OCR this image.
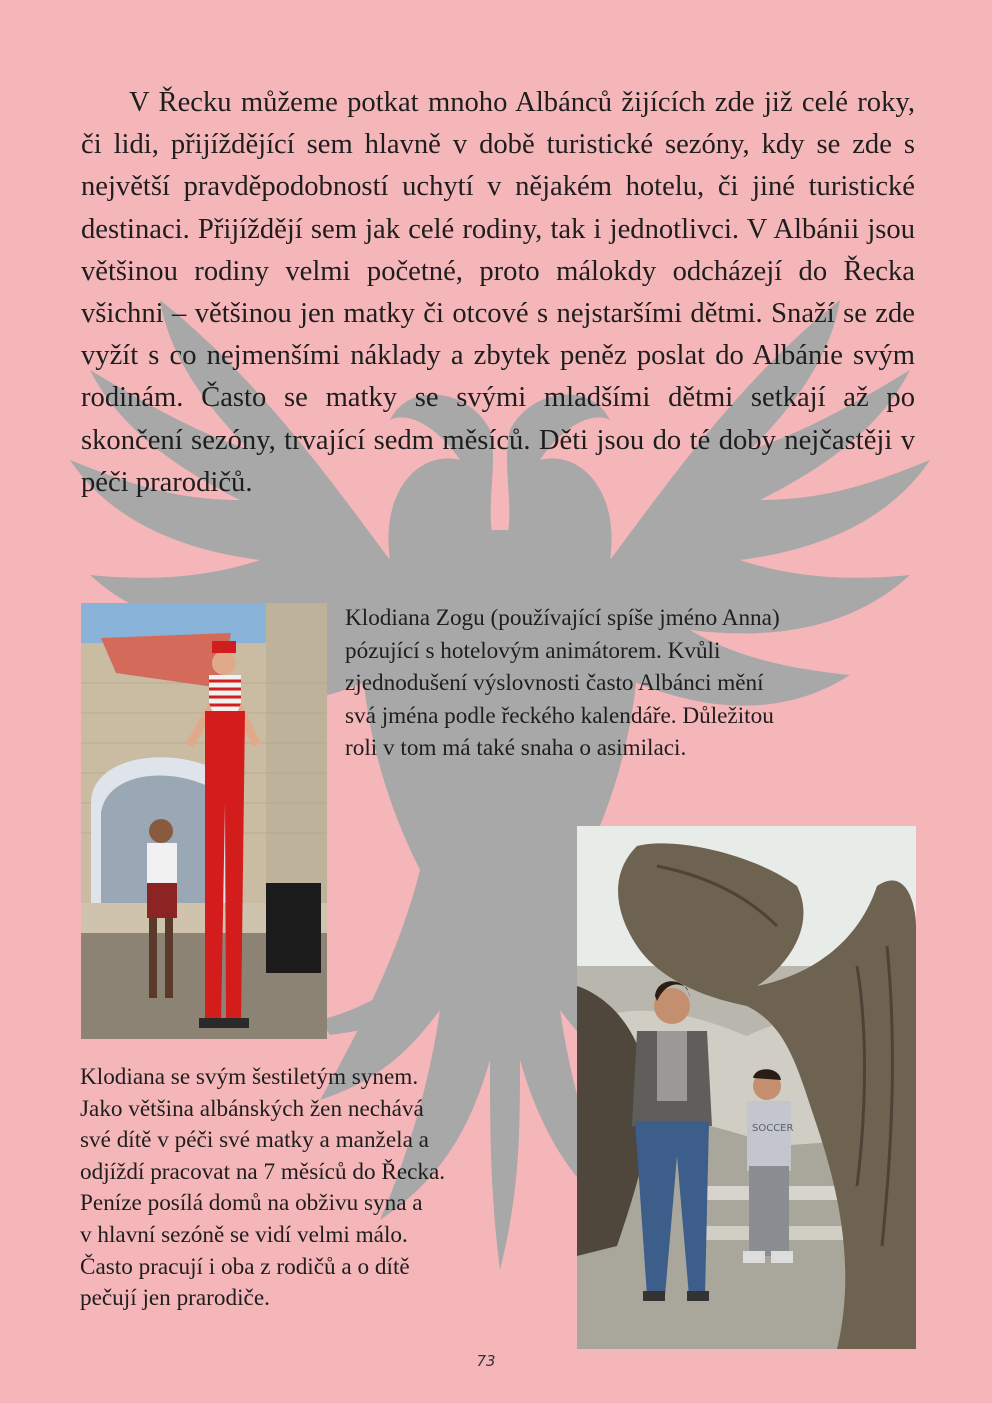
V Řecku můžeme potkat mnoho Albánců žijících zde již celé roky, či lidi, přijíždějící sem hlavně v době turistické sezóny, kdy se zde s největší pravděpodobností uchytí v nějakém hotelu, či jiné turistické destinaci. Přijíždějí sem jak celé rodiny, tak i jednotlivci. V Albánii jsou většinou rodiny velmi početné, proto málokdy odcházejí do Řecka všichni – většinou jen matky či otcové s nejstaršími dětmi. Snaží se zde vyžít s co nejmenšími náklady a zbytek peněz poslat do Albánie svým rodinám. Často se matky se svými mladšími dětmi setkají až po skončení sezóny, trvající sedm měsíců. Děti jsou do té doby nejčastěji v péči prarodičů.

Klodiana Zogu (používající spíše jméno Anna)
pózující s hotelovým animátorem. Kvůli
zjednodušení výslovnosti často Albánci mění
svá jména podle řeckého kalendáře. Důležitou
roli v tom má také snaha o asimilaci.
SOCCER
Klodiana se svým šestiletým synem.
Jako většina albánských žen nechává
své dítě v péči své matky a manžela a
odjíždí pracovat na 7 měsíců do Řecka.
Peníze posílá domů na obživu syna a
v hlavní sezóně se vidí velmi málo.
Často pracují i oba z rodičů a o dítě
pečují jen prarodiče.
73
